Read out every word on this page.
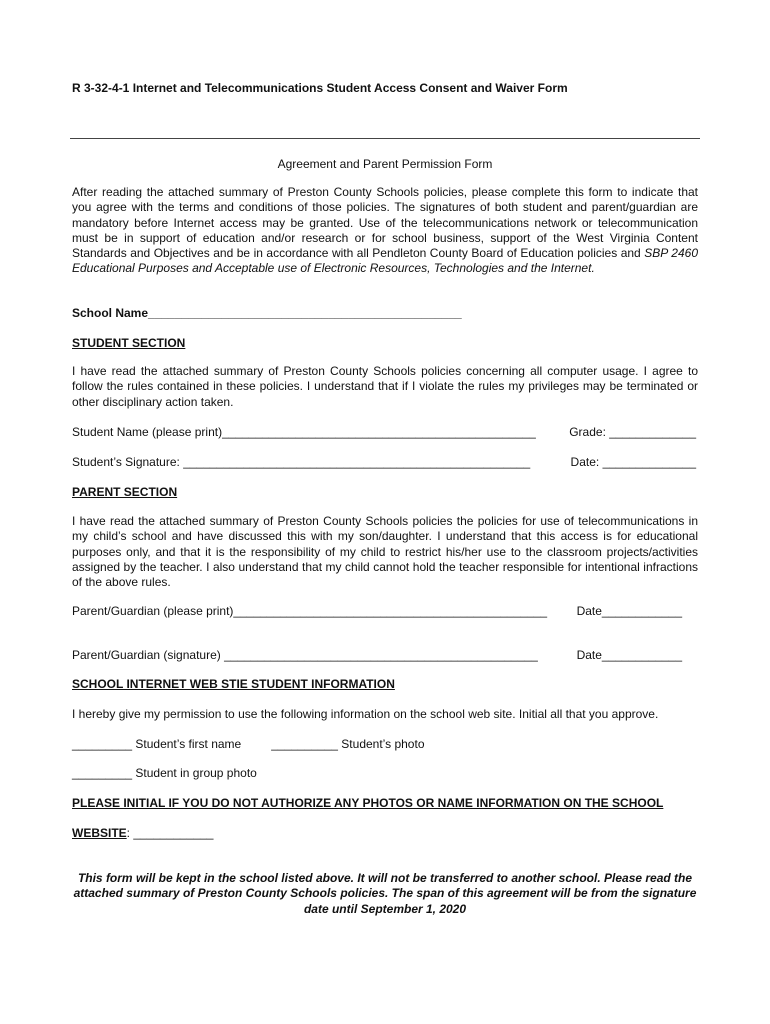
R 3-32-4-1 Internet and Telecommunications Student Access Consent and Waiver Form
Agreement and Parent Permission Form
After reading the attached summary of Preston County Schools policies, please complete this form to indicate that you agree with the terms and conditions of those policies. The signatures of both student and parent/guardian are mandatory before Internet access may be granted. Use of the telecommunications network or telecommunication must be in support of education and/or research or for school business, support of the West Virginia Content Standards and Objectives and be in accordance with all Pendleton County Board of Education policies and SBP 2460 Educational Purposes and Acceptable use of Electronic Resources, Technologies and the Internet.
School Name_______________________________________________
STUDENT SECTION
I have read the attached summary of Preston County Schools policies concerning all computer usage. I agree to follow the rules contained in these policies. I understand that if I violate the rules my privileges may be terminated or other disciplinary action taken.
Student Name (please print)_______________________________________________	Grade: _____________
Student’s Signature: ____________________________________________________	Date: ______________
PARENT SECTION
I have read the attached summary of Preston County Schools policies the policies for use of telecommunications in my child’s school and have discussed this with my son/daughter. I understand that this access is for educational purposes only, and that it is the responsibility of my child to restrict his/her use to the classroom projects/activities assigned by the teacher. I also understand that my child cannot hold the teacher responsible for intentional infractions of the above rules.
Parent/Guardian (please print)_______________________________________________ Date____________
Parent/Guardian (signature) _______________________________________________	Date____________
SCHOOL INTERNET WEB STIE STUDENT INFORMATION
I hereby give my permission to use the following information on the school web site. Initial all that you approve.
_________ Student’s first name	__________ Student’s photo
_________ Student in group photo
PLEASE INITIAL IF YOU DO NOT AUTHORIZE ANY PHOTOS OR NAME INFORMATION ON THE SCHOOL
WEBSITE: ____________
This form will be kept in the school listed above. It will not be transferred to another school. Please read the attached summary of Preston County Schools policies. The span of this agreement will be from the signature date until September 1, 2020
